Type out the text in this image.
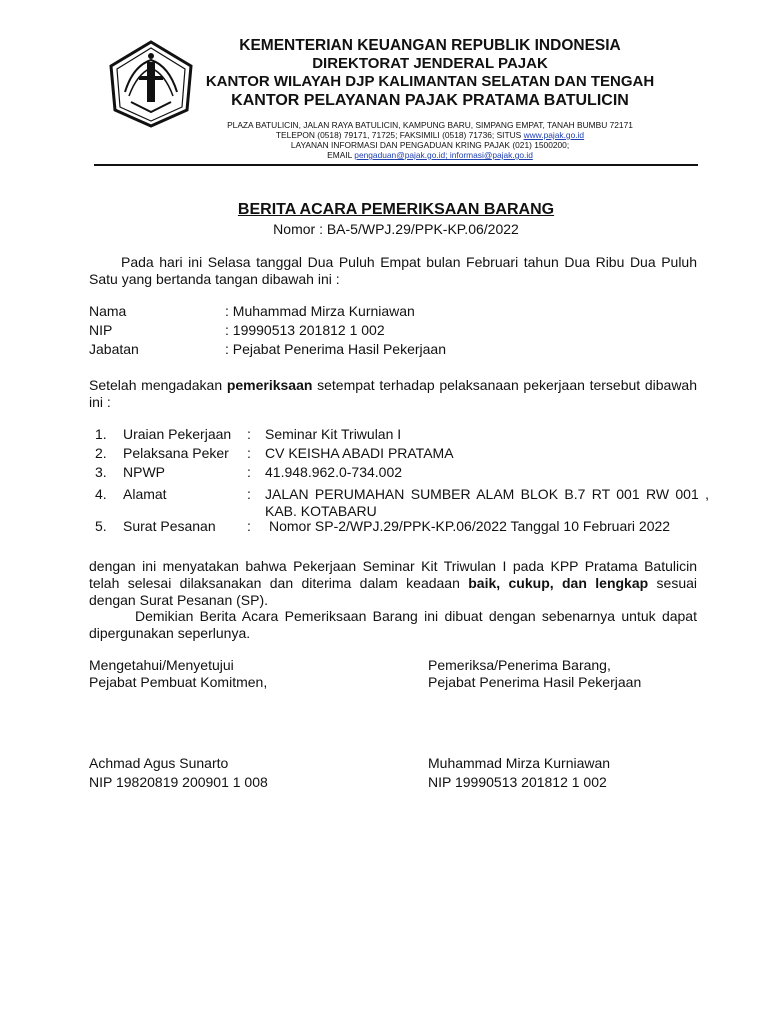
KEMENTERIAN KEUANGAN REPUBLIK INDONESIA
DIREKTORAT JENDERAL PAJAK
KANTOR WILAYAH DJP KALIMANTAN SELATAN DAN TENGAH
KANTOR PELAYANAN PAJAK PRATAMA BATULICIN
PLAZA BATULICIN, JALAN RAYA BATULICIN, KAMPUNG BARU, SIMPANG EMPAT, TANAH BUMBU 72171
TELEPON (0518) 79171, 71725; FAKSIMILI (0518) 71736; SITUS www.pajak.go.id
LAYANAN INFORMASI DAN PENGADUAN KRING PAJAK (021) 1500200;
EMAIL pengaduan@pajak.go.id; informasi@pajak.go.id
BERITA ACARA PEMERIKSAAN BARANG
Nomor : BA-5/WPJ.29/PPK-KP.06/2022
Pada hari ini Selasa tanggal Dua Puluh Empat bulan Februari tahun Dua Ribu Dua Puluh Satu yang bertanda tangan dibawah ini :
Nama	: Muhammad Mirza Kurniawan
NIP	: 19990513 201812 1 002
Jabatan	: Pejabat Penerima Hasil Pekerjaan
Setelah mengadakan pemeriksaan setempat terhadap pelaksanaan pekerjaan tersebut dibawah ini :
1. Uraian Pekerjaan : Seminar Kit Triwulan I
2. Pelaksana Peker : CV KEISHA ABADI PRATAMA
3. NPWP	: 41.948.962.0-734.002
4. Alamat	: JALAN PERUMAHAN SUMBER ALAM BLOK B.7 RT 001 RW 001 , KAB. KOTABARU
5. Surat Pesanan : Nomor SP-2/WPJ.29/PPK-KP.06/2022 Tanggal 10 Februari 2022
dengan ini menyatakan bahwa Pekerjaan Seminar Kit Triwulan I pada KPP Pratama Batulicin telah selesai dilaksanakan dan diterima dalam keadaan baik, cukup, dan lengkap sesuai dengan Surat Pesanan (SP).
Demikian Berita Acara Pemeriksaan Barang ini dibuat dengan sebenarnya untuk dapat dipergunakan seperlunya.
Mengetahui/Menyetujui
Pejabat Pembuat Komitmen,
Achmad Agus Sunarto
NIP 19820819 200901 1 008
Pemeriksa/Penerima Barang,
Pejabat Penerima Hasil Pekerjaan
Muhammad Mirza Kurniawan
NIP 19990513 201812 1 002
